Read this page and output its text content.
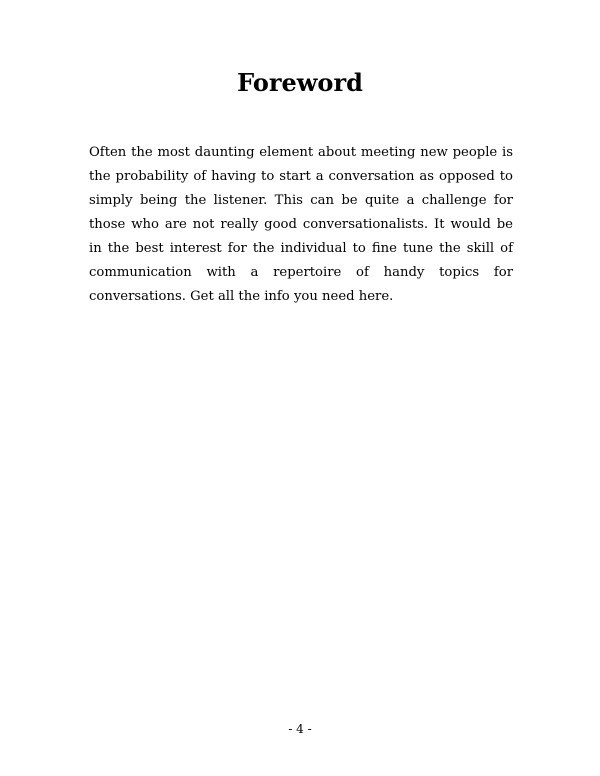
Foreword

Often the most daunting element about meeting new people is the probability of having to start a conversation as opposed to simply being the listener. This can be quite a challenge for those who are not really good conversationalists. It would be in the best interest for the individual to fine tune the skill of communication with a repertoire of handy topics for conversations. Get all the info you need here.

- 4 -
